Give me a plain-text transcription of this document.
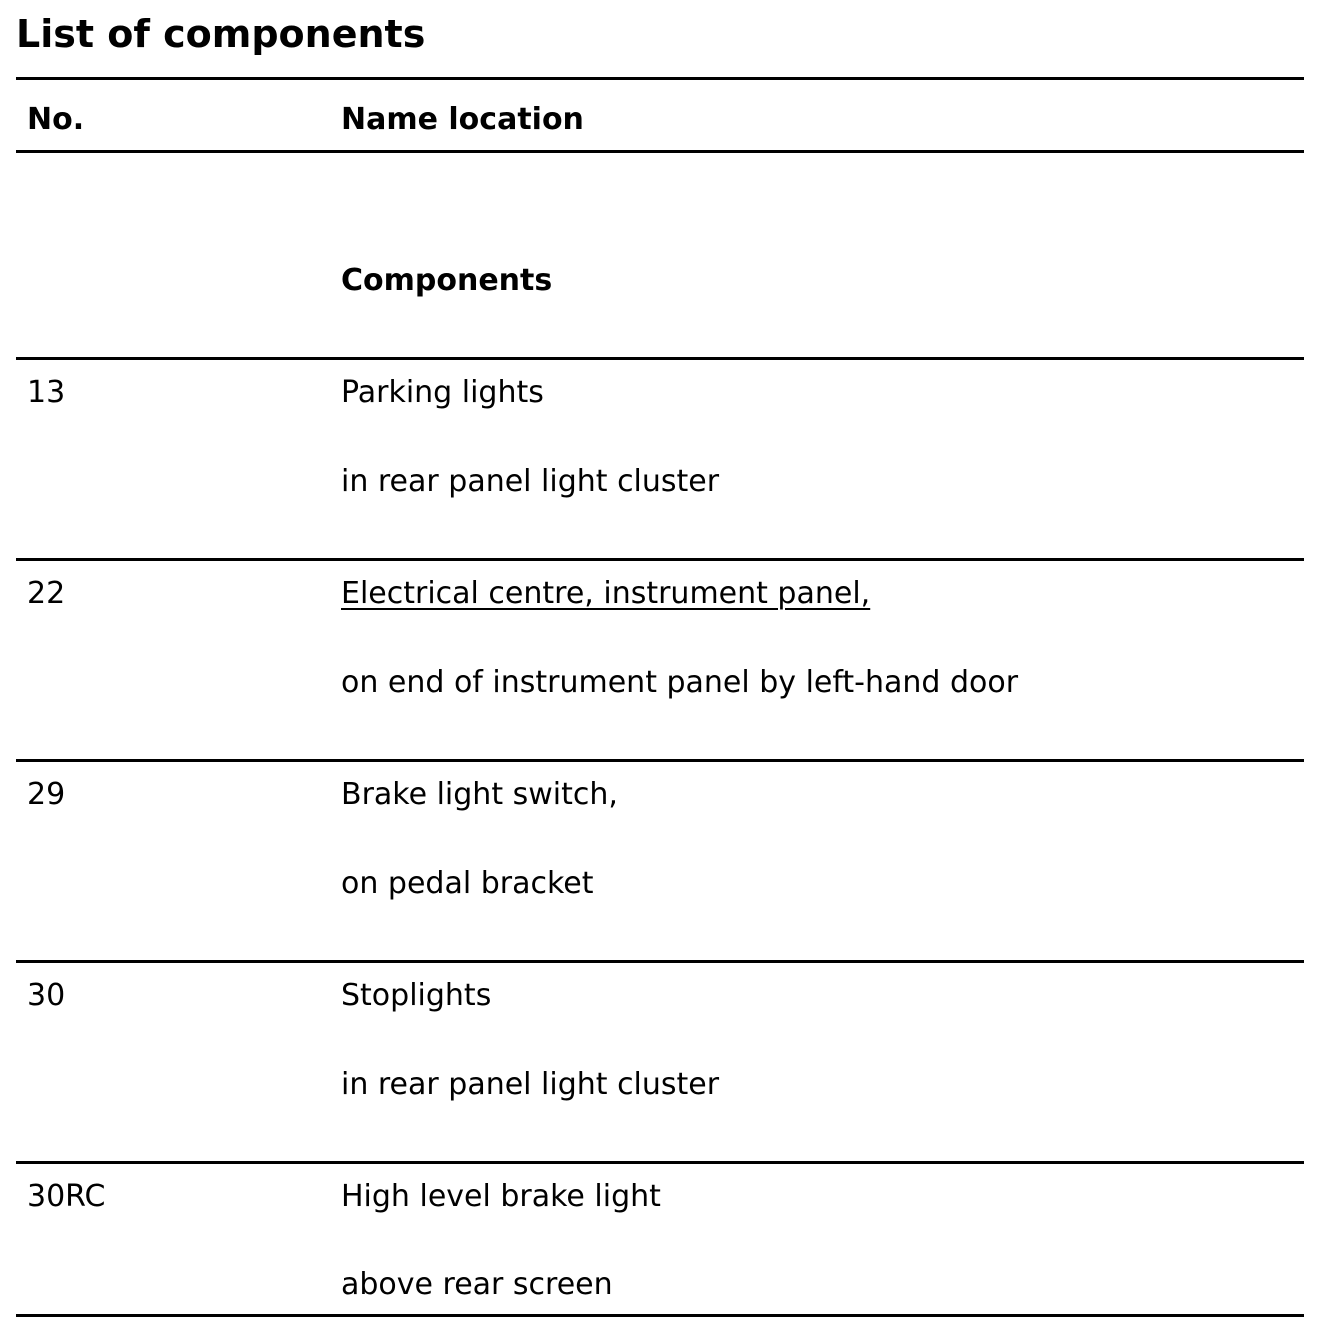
List of components
No.	Name location
Components
13	Parking lights
in rear panel light cluster
22	Electrical centre, instrument panel,
on end of instrument panel by left-hand door
29	Brake light switch,
on pedal bracket
30	Stoplights
in rear panel light cluster
30RC	High level brake light
above rear screen
